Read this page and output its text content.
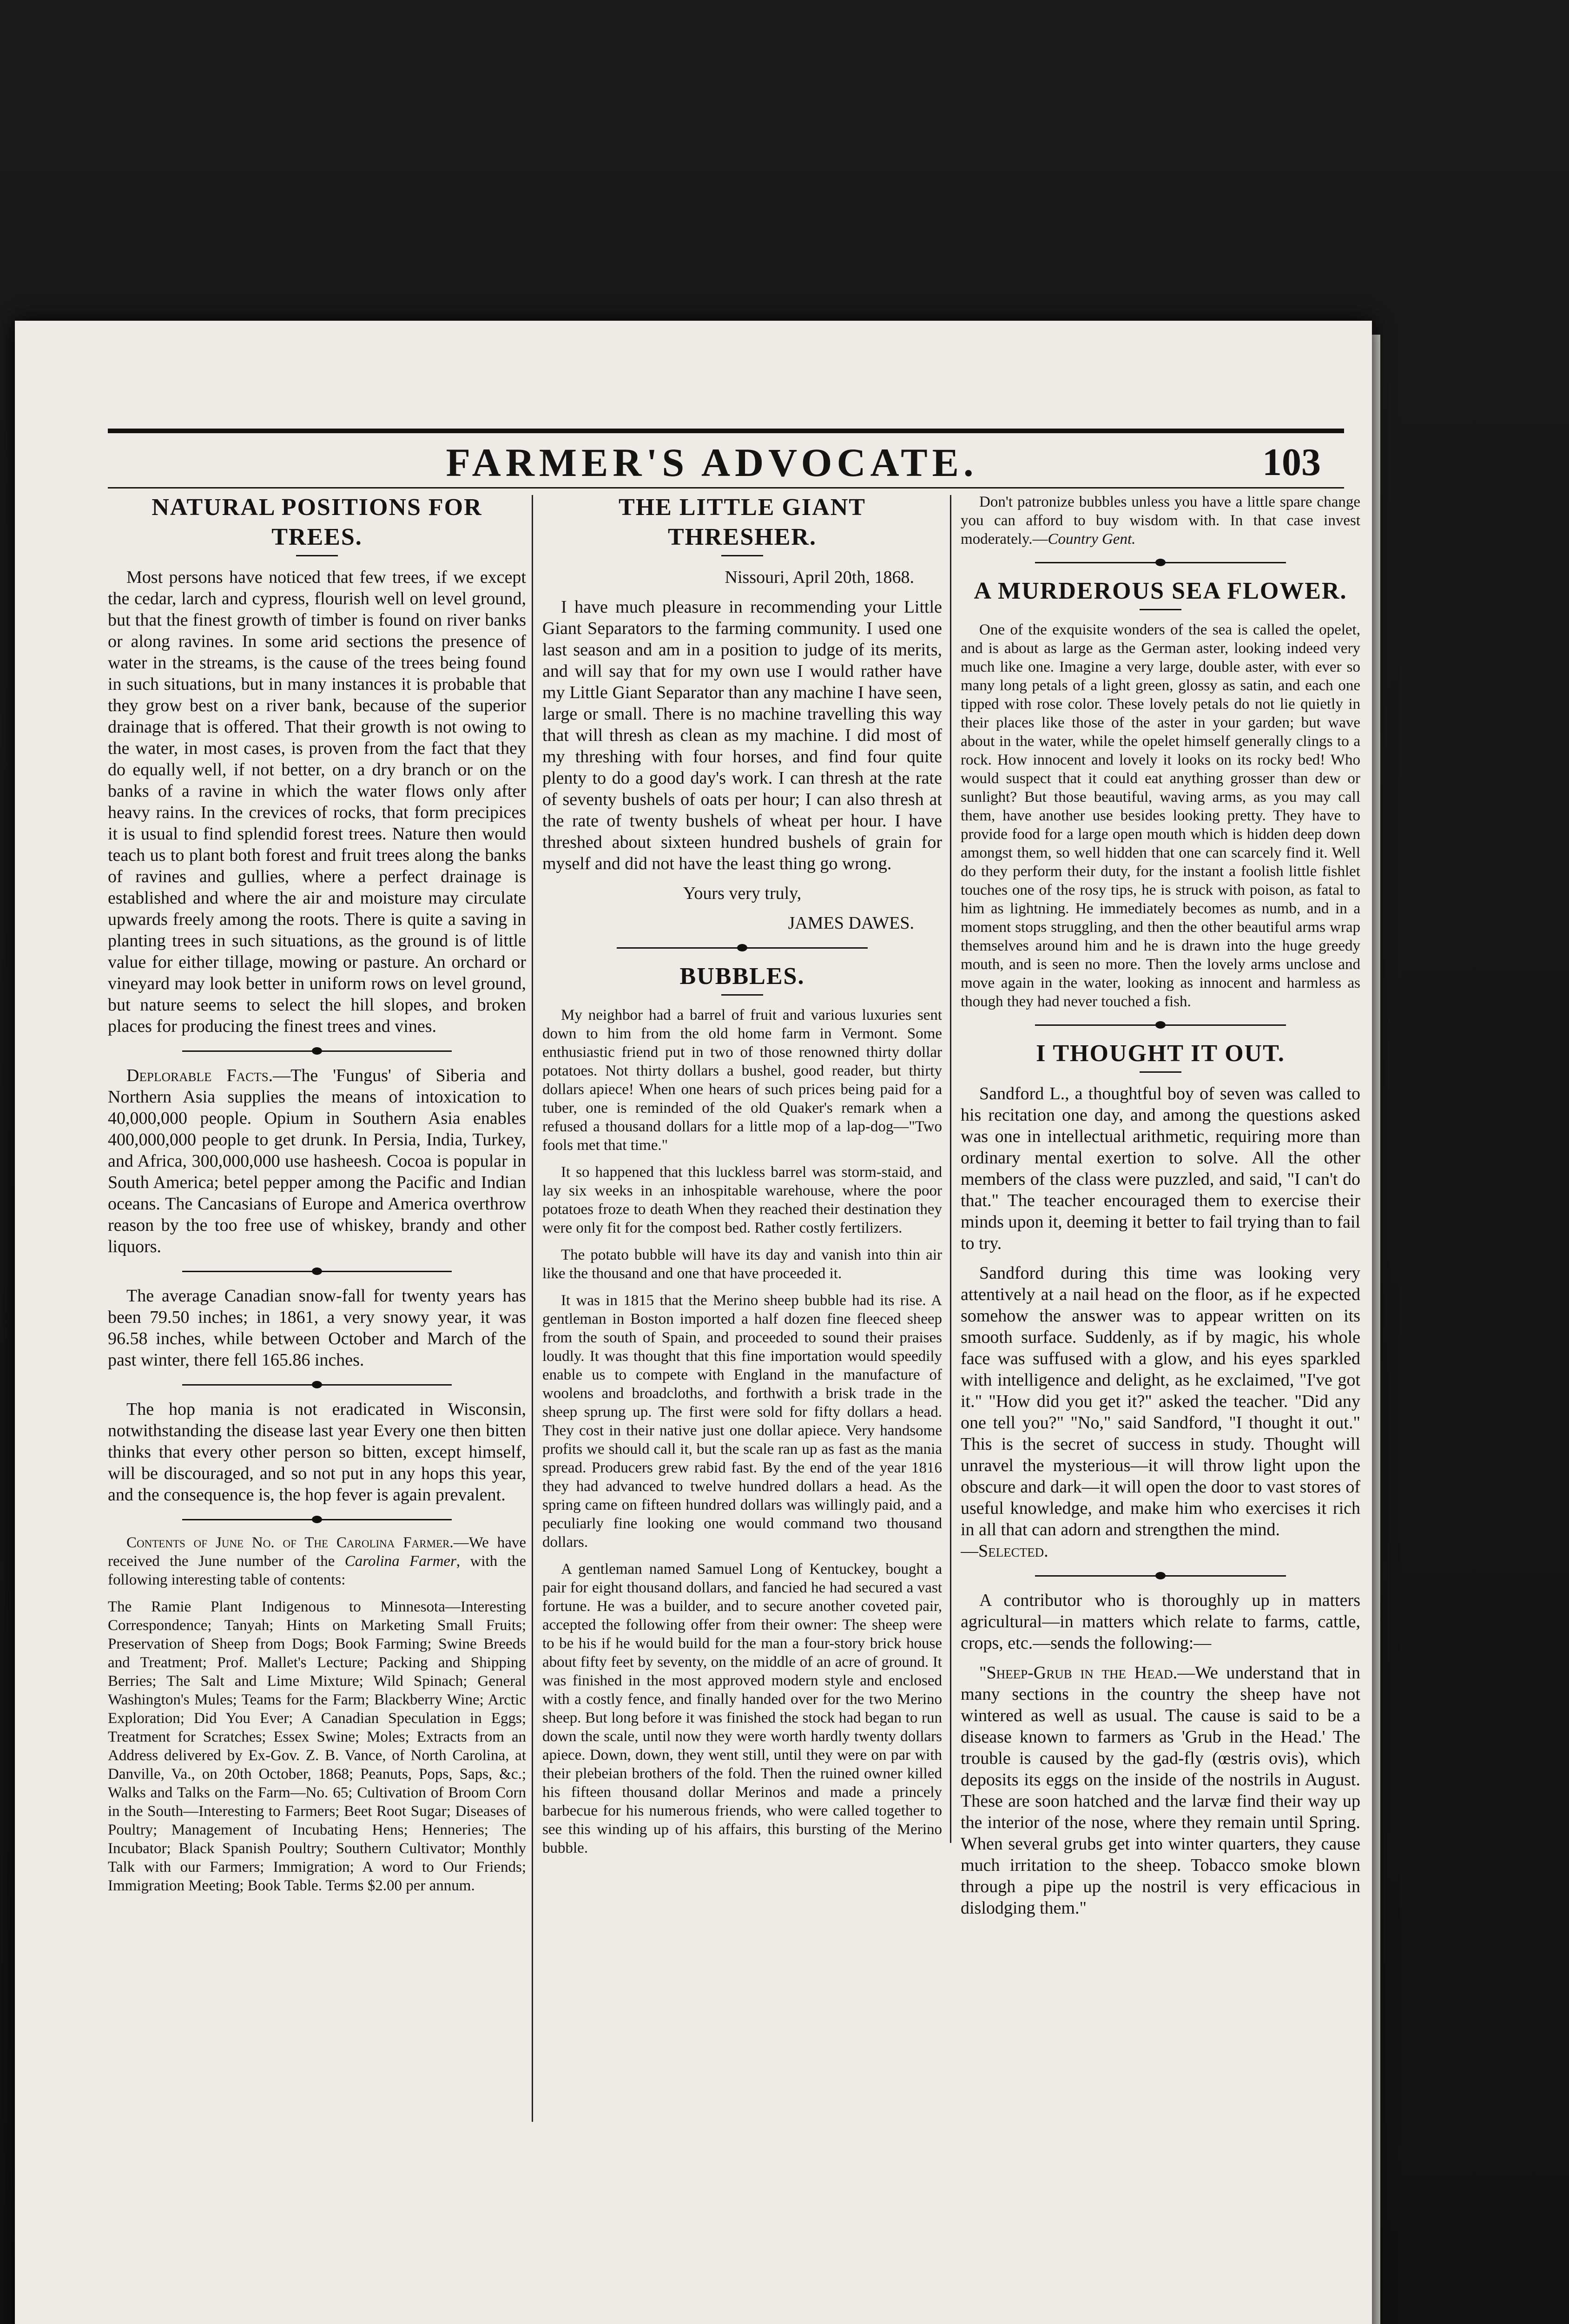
FARMER'S ADVOCATE.	103
NATURAL POSITIONS FOR TREES.

Most persons have noticed that few trees, if we except the cedar, larch and cypress, flourish well on level ground, but that the finest growth of timber is found on river banks or along ravines. In some arid sections the presence of water in the streams, is the cause of the trees being found in such situations, but in many instances it is probable that they grow best on a river bank, because of the superior drainage that is offered. That their growth is not owing to the water, in most cases, is proven from the fact that they do equally well, if not better, on a dry branch or on the banks of a ravine in which the water flows only after heavy rains. In the crevices of rocks, that form precipices it is usual to find splendid forest trees. Nature then would teach us to plant both forest and fruit trees along the banks of ravines and gullies, where a perfect drainage is established and where the air and moisture may circulate upwards freely among the roots. There is quite a saving in planting trees in such situations, as the ground is of little value for either tillage, mowing or pasture. An orchard or vineyard may look better in uniform rows on level ground, but nature seems to select the hill slopes, and broken places for producing the finest trees and vines.

Deplorable Facts.—The 'Fungus' of Siberia and Northern Asia supplies the means of intoxication to 40,000,000 people. Opium in Southern Asia enables 400,000,000 people to get drunk. In Persia, India, Turkey, and Africa, 300,000,000 use hasheesh. Cocoa is popular in South America; betel pepper among the Pacific and Indian oceans. The Cancasians of Europe and America overthrow reason by the too free use of whiskey, brandy and other liquors.

The average Canadian snow-fall for twenty years has been 79.50 inches; in 1861, a very snowy year, it was 96.58 inches, while between October and March of the past winter, there fell 165.86 inches.

The hop mania is not eradicated in Wisconsin, notwithstanding the disease last year Every one then bitten thinks that every other person so bitten, except himself, will be discouraged, and so not put in any hops this year, and the consequence is, the hop fever is again prevalent.

Contents of June No. of The Carolina Farmer.—We have received the June number of the Carolina Farmer, with the following interesting table of contents:

The Ramie Plant Indigenous to Minnesota—Interesting Correspondence; Tanyah; Hints on Marketing Small Fruits; Preservation of Sheep from Dogs; Book Farming; Swine Breeds and Treatment; Prof. Mallet's Lecture; Packing and Shipping Berries; The Salt and Lime Mixture; Wild Spinach; General Washington's Mules; Teams for the Farm; Blackberry Wine; Arctic Exploration; Did You Ever; A Canadian Speculation in Eggs; Treatment for Scratches; Essex Swine; Moles; Extracts from an Address delivered by Ex-Gov. Z. B. Vance, of North Carolina, at Danville, Va., on 20th October, 1868; Peanuts, Pops, Saps, &c.; Walks and Talks on the Farm—No. 65; Cultivation of Broom Corn in the South—Interesting to Farmers; Beet Root Sugar; Diseases of Poultry; Management of Incubating Hens; Henneries; The Incubator; Black Spanish Poultry; Southern Cultivator; Monthly Talk with our Farmers; Immigration; A word to Our Friends; Immigration Meeting; Book Table. Terms $2.00 per annum.

THE LITTLE GIANT THRESHER.

Nissouri, April 20th, 1868.

I have much pleasure in recommending your Little Giant Separators to the farming community. I used one last season and am in a position to judge of its merits, and will say that for my own use I would rather have my Little Giant Separator than any machine I have seen, large or small. There is no machine travelling this way that will thresh as clean as my machine. I did most of my threshing with four horses, and find four quite plenty to do a good day's work. I can thresh at the rate of seventy bushels of oats per hour; I can also thresh at the rate of twenty bushels of wheat per hour. I have threshed about sixteen hundred bushels of grain for myself and did not have the least thing go wrong.

Yours very truly,

JAMES DAWES.

BUBBLES.

My neighbor had a barrel of fruit and various luxuries sent down to him from the old home farm in Vermont. Some enthusiastic friend put in two of those renowned thirty dollar potatoes. Not thirty dollars a bushel, good reader, but thirty dollars apiece! When one hears of such prices being paid for a tuber, one is reminded of the old Quaker's remark when a refused a thousand dollars for a little mop of a lap-dog—"Two fools met that time."

It so happened that this luckless barrel was storm-staid, and lay six weeks in an inhospitable warehouse, where the poor potatoes froze to death When they reached their destination they were only fit for the compost bed. Rather costly fertilizers.

The potato bubble will have its day and vanish into thin air like the thousand and one that have proceeded it.

It was in 1815 that the Merino sheep bubble had its rise. A gentleman in Boston imported a half dozen fine fleeced sheep from the south of Spain, and proceeded to sound their praises loudly. It was thought that this fine importation would speedily enable us to compete with England in the manufacture of woolens and broadcloths, and forthwith a brisk trade in the sheep sprung up. The first were sold for fifty dollars a head. They cost in their native just one dollar apiece. Very handsome profits we should call it, but the scale ran up as fast as the mania spread. Producers grew rabid fast. By the end of the year 1816 they had advanced to twelve hundred dollars a head. As the spring came on fifteen hundred dollars was willingly paid, and a peculiarly fine looking one would command two thousand dollars.

A gentleman named Samuel Long of Kentuckey, bought a pair for eight thousand dollars, and fancied he had secured a vast fortune. He was a builder, and to secure another coveted pair, accepted the following offer from their owner: The sheep were to be his if he would build for the man a four-story brick house about fifty feet by seventy, on the middle of an acre of ground. It was finished in the most approved modern style and enclosed with a costly fence, and finally handed over for the two Merino sheep. But long before it was finished the stock had began to run down the scale, until now they were worth hardly twenty dollars apiece. Down, down, they went still, until they were on par with their plebeian brothers of the fold. Then the ruined owner killed his fifteen thousand dollar Merinos and made a princely barbecue for his numerous friends, who were called together to see this winding up of his affairs, this bursting of the Merino bubble.

Don't patronize bubbles unless you have a little spare change you can afford to buy wisdom with. In that case invest moderately.—Country Gent.

A MURDEROUS SEA FLOWER.

One of the exquisite wonders of the sea is called the opelet, and is about as large as the German aster, looking indeed very much like one. Imagine a very large, double aster, with ever so many long petals of a light green, glossy as satin, and each one tipped with rose color. These lovely petals do not lie quietly in their places like those of the aster in your garden; but wave about in the water, while the opelet himself generally clings to a rock. How innocent and lovely it looks on its rocky bed! Who would suspect that it could eat anything grosser than dew or sunlight? But those beautiful, waving arms, as you may call them, have another use besides looking pretty. They have to provide food for a large open mouth which is hidden deep down amongst them, so well hidden that one can scarcely find it. Well do they perform their duty, for the instant a foolish little fishlet touches one of the rosy tips, he is struck with poison, as fatal to him as lightning. He immediately becomes as numb, and in a moment stops struggling, and then the other beautiful arms wrap themselves around him and he is drawn into the huge greedy mouth, and is seen no more. Then the lovely arms unclose and move again in the water, looking as innocent and harmless as though they had never touched a fish.

I THOUGHT IT OUT.

Sandford L., a thoughtful boy of seven was called to his recitation one day, and among the questions asked was one in intellectual arithmetic, requiring more than ordinary mental exertion to solve. All the other members of the class were puzzled, and said, "I can't do that." The teacher encouraged them to exercise their minds upon it, deeming it better to fail trying than to fail to try.

Sandford during this time was looking very attentively at a nail head on the floor, as if he expected somehow the answer was to appear written on its smooth surface. Suddenly, as if by magic, his whole face was suffused with a glow, and his eyes sparkled with intelligence and delight, as he exclaimed, "I've got it." "How did you get it?" asked the teacher. "Did any one tell you?" "No," said Sandford, "I thought it out." This is the secret of success in study. Thought will unravel the mysterious—it will throw light upon the obscure and dark—it will open the door to vast stores of useful knowledge, and make him who exercises it rich in all that can adorn and strengthen the mind.
—Selected.

A contributor who is thoroughly up in matters agricultural—in matters which relate to farms, cattle, crops, etc.—sends the following:—

"Sheep-Grub in the Head.—We understand that in many sections in the country the sheep have not wintered as well as usual. The cause is said to be a disease known to farmers as 'Grub in the Head.' The trouble is caused by the gad-fly (œstris ovis), which deposits its eggs on the inside of the nostrils in August. These are soon hatched and the larvæ find their way up the interior of the nose, where they remain until Spring. When several grubs get into winter quarters, they cause much irritation to the sheep. Tobacco smoke blown through a pipe up the nostril is very efficacious in dislodging them."
